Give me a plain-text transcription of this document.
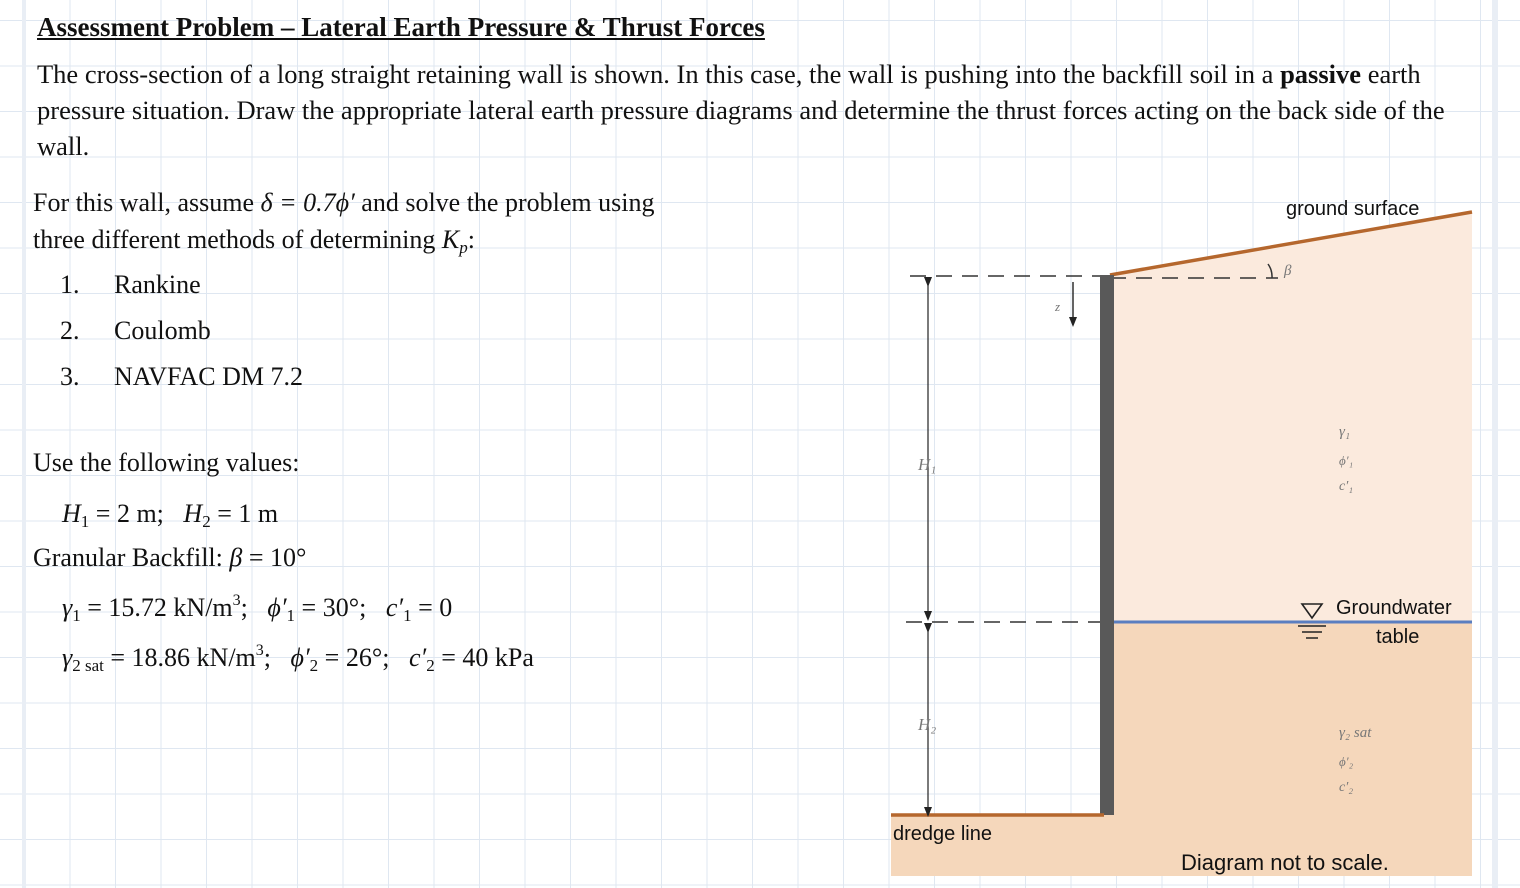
Assessment Problem – Lateral Earth Pressure & Thrust Forces

The cross-section of a long straight retaining wall is shown. In this case, the wall is pushing into the backfill soil in a passive earth pressure situation. Draw the appropriate lateral earth pressure diagrams and determine the thrust forces acting on the back side of the wall.

For this wall, assume δ = 0.7ϕ′ and solve the problem using
three different methods of determining $K_p$:

1. Rankine
2. Coulomb
3. NAVFAC DM 7.2

Use the following values:

$H_1 = 2$ m; $H_2 = 1$ m

Granular Backfill: β = 10°

$\gamma_1 = 15.72$ $kN/m^3$; $\phi'_1 = 30^\circ$; $c'_1 = 0$

$\gamma_{2 sat} = 18.86$ $kN/m^3$; $\phi'_2 = 26^\circ$; $c'_2 = 40$ kPa

ground surface
β
Groundwater
table
dredge line
H₁
H₂
z
γ₁
ϕ′₁
c′₁
γ₂ sat
ϕ′₂
c′₂
Diagram not to scale.
